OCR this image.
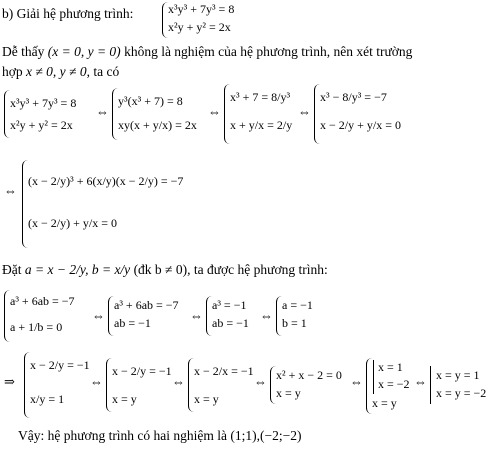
b) Giải hệ phương trình:	x³y³ + 7y³ = 8
x²y + y² = 2x
Dễ thấy (x = 0, y = 0) không là nghiệm của hệ phương trình, nên xét trường
hợp x ≠ 0, y ≠ 0, ta có
x³y³ + 7y³ = 8
x²y + y² = 2x
⇔
y³(x³ + 7) = 8
xy(x + y/x) = 2x
⇔
x³ + 7 = 8/y³
x + y/x = 2/y
⇔
x³ − 8/y³ = −7
x − 2/y + y/x = 0
⇔
(x − 2/y)³ + 6(x/y)(x − 2/y) = −7
(x − 2/y) + y/x = 0
Đặt a = x − 2/y, b = x/y (đk b ≠ 0), ta được hệ phương trình:
a³ + 6ab = −7
a + 1/b = 0
⇔
a³ + 6ab = −7
ab = −1	⇔
a³ = −1
ab = −1 ⇔
a = −1
b = 1
⇒
x − 2/y = −1
x/y = 1
⇔
x − 2/y = −1
x = y
⇔
x − 2/x = −1
x = y
⇔ x² + x − 2 = 0
x = y
⇔
x = 1
x = −2
x = y
⇔ x = y = 1
x = y = −2
Vậy: hệ phương trình có hai nghiệm là (1;1),(−2;−2)
